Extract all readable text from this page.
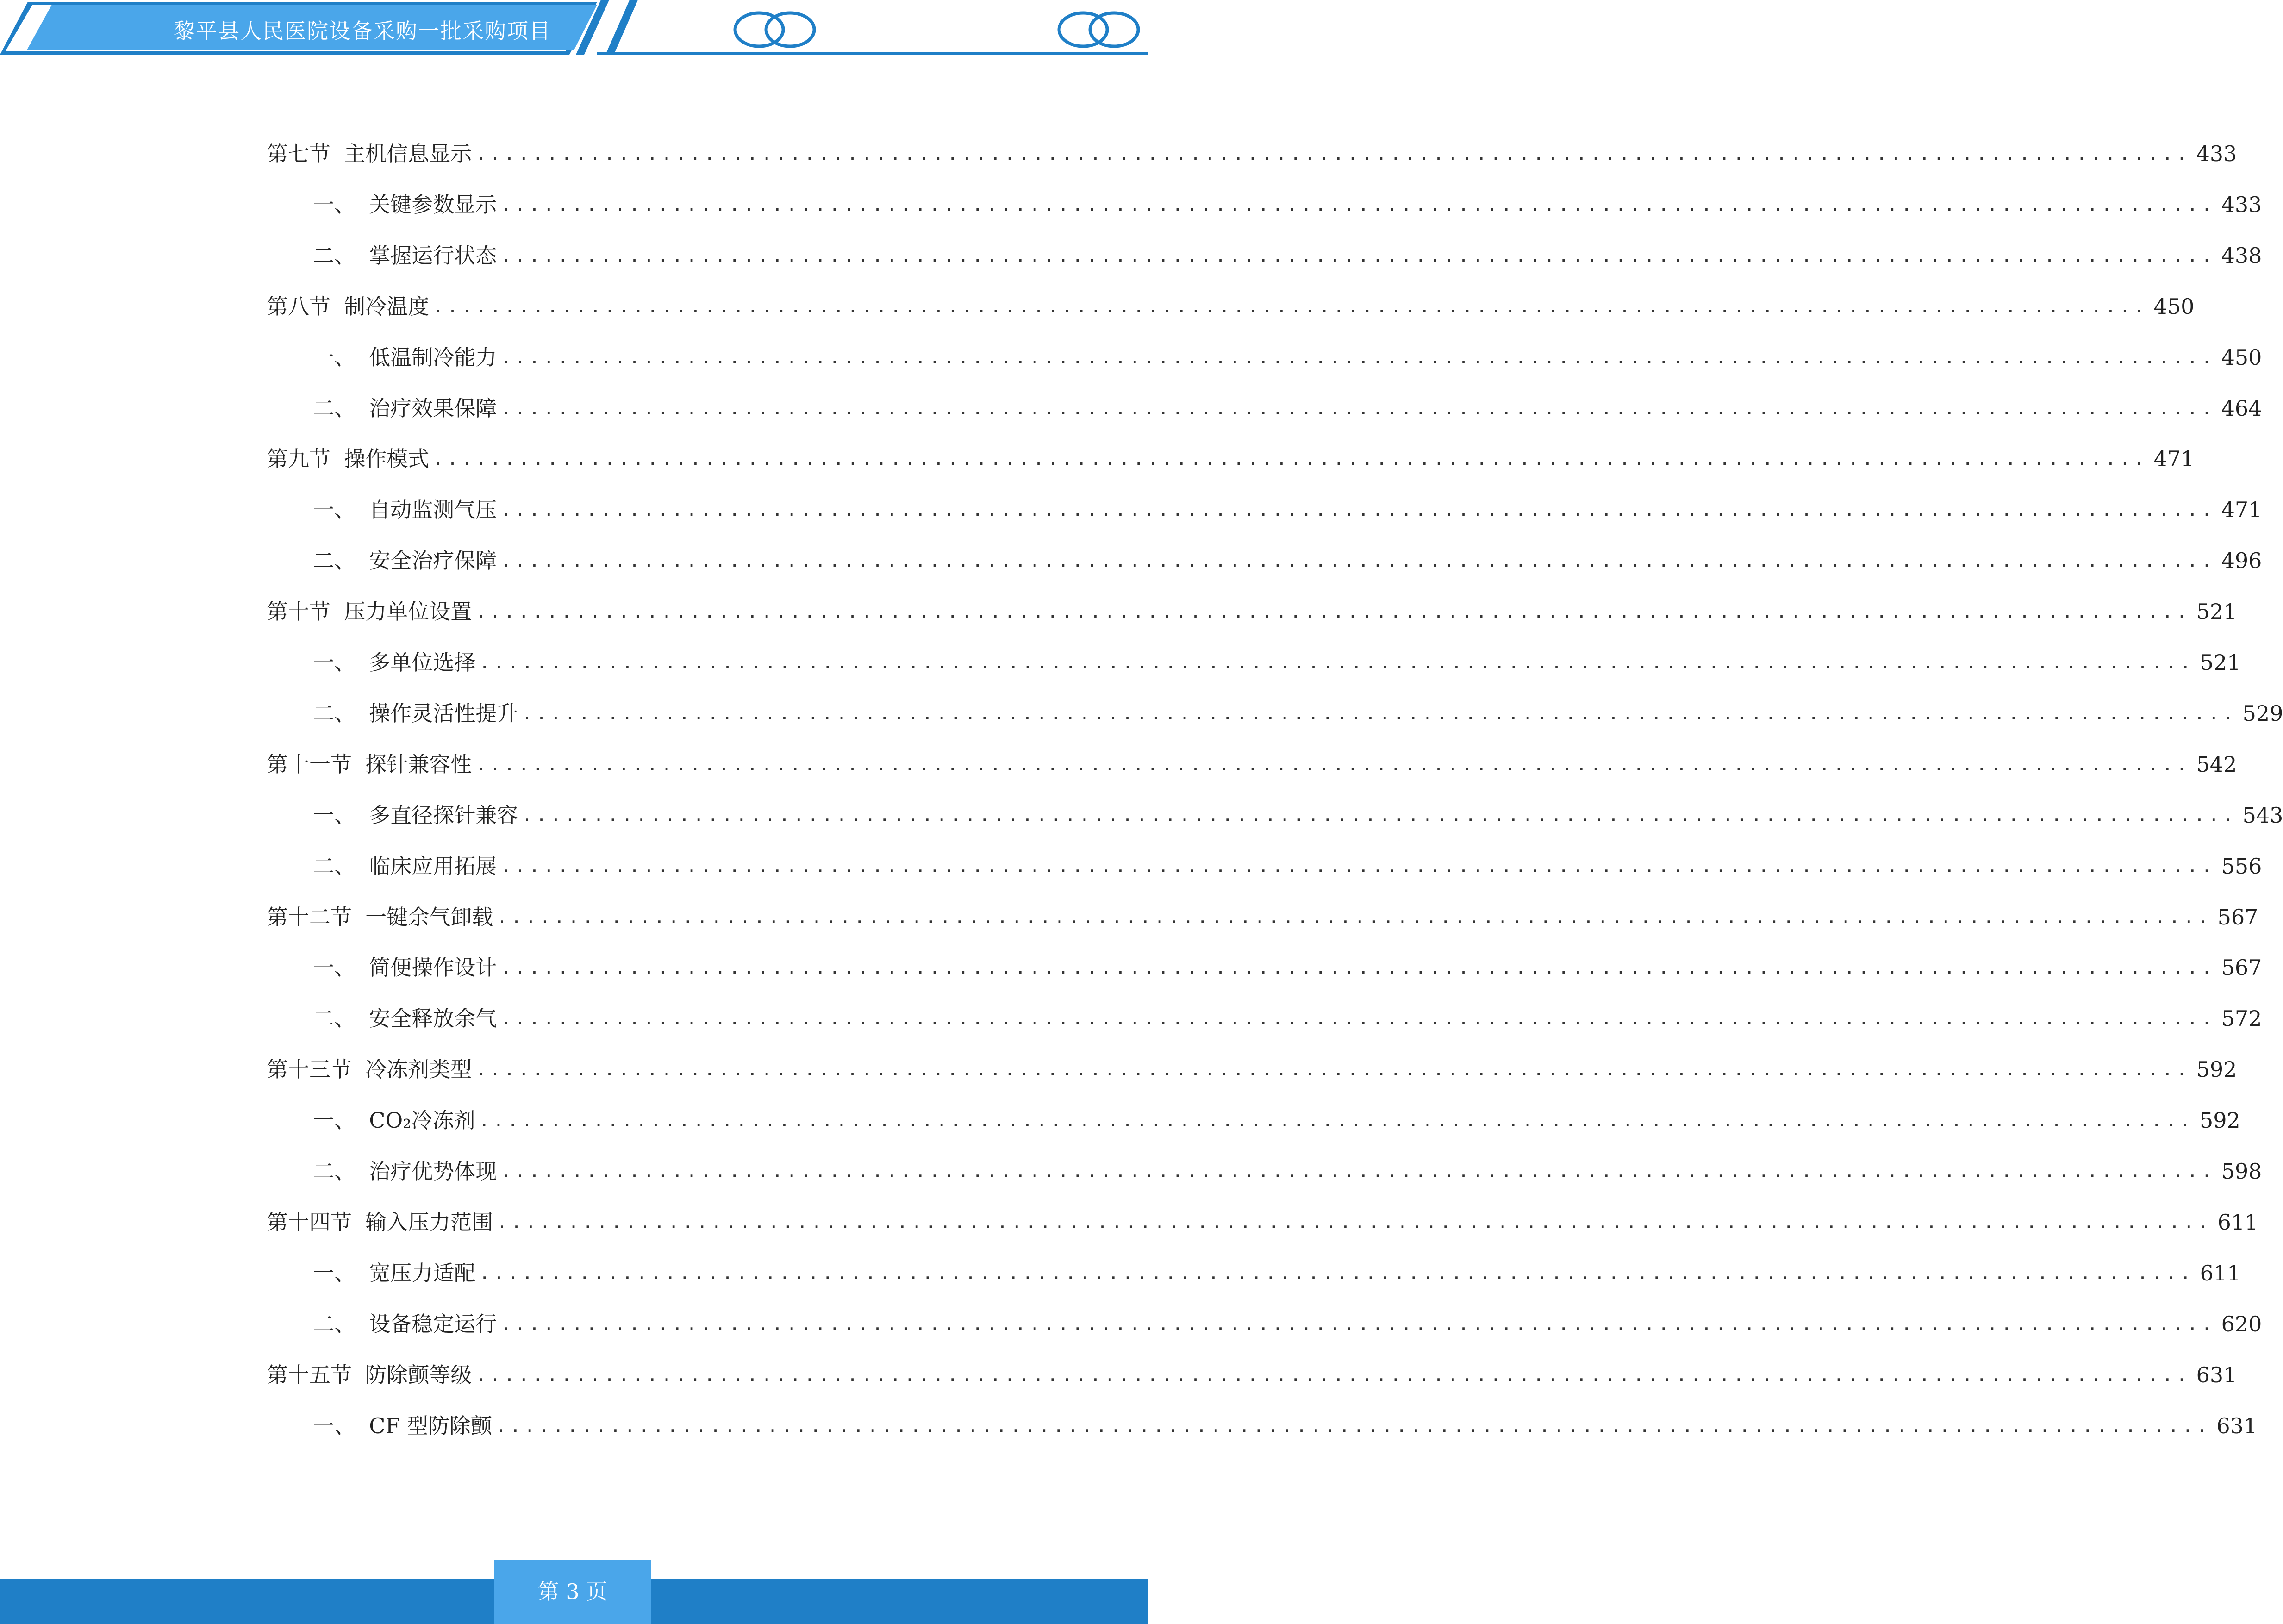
黎平县人民医院设备采购一批采购项目
第七节  主机信息显示 ........................................................................................................................ 433
一、  关键参数显示 ........................................................................................................................ 433
二、  掌握运行状态 ........................................................................................................................ 438
第八节  制冷温度 ........................................................................................................................ 450
一、  低温制冷能力 ........................................................................................................................ 450
二、  治疗效果保障 ........................................................................................................................ 464
第九节  操作模式 ........................................................................................................................ 471
一、  自动监测气压 ........................................................................................................................ 471
二、  安全治疗保障 ........................................................................................................................ 496
第十节  压力单位设置 ........................................................................................................................ 521
一、  多单位选择 ........................................................................................................................ 521
二、  操作灵活性提升 ........................................................................................................................ 529
第十一节  探针兼容性 ........................................................................................................................ 542
一、  多直径探针兼容 ........................................................................................................................ 543
二、  临床应用拓展 ........................................................................................................................ 556
第十二节  一键余气卸载 ........................................................................................................................ 567
一、  简便操作设计 ........................................................................................................................ 567
二、  安全释放余气 ........................................................................................................................ 572
第十三节  冷冻剂类型 ........................................................................................................................ 592
一、  CO₂冷冻剂 ........................................................................................................................ 592
二、  治疗优势体现 ........................................................................................................................ 598
第十四节  输入压力范围 ........................................................................................................................ 611
一、  宽压力适配 ........................................................................................................................ 611
二、  设备稳定运行 ........................................................................................................................ 620
第十五节  防除颤等级 ........................................................................................................................ 631
一、  CF 型防除颤 ........................................................................................................................ 631
第 3 页
